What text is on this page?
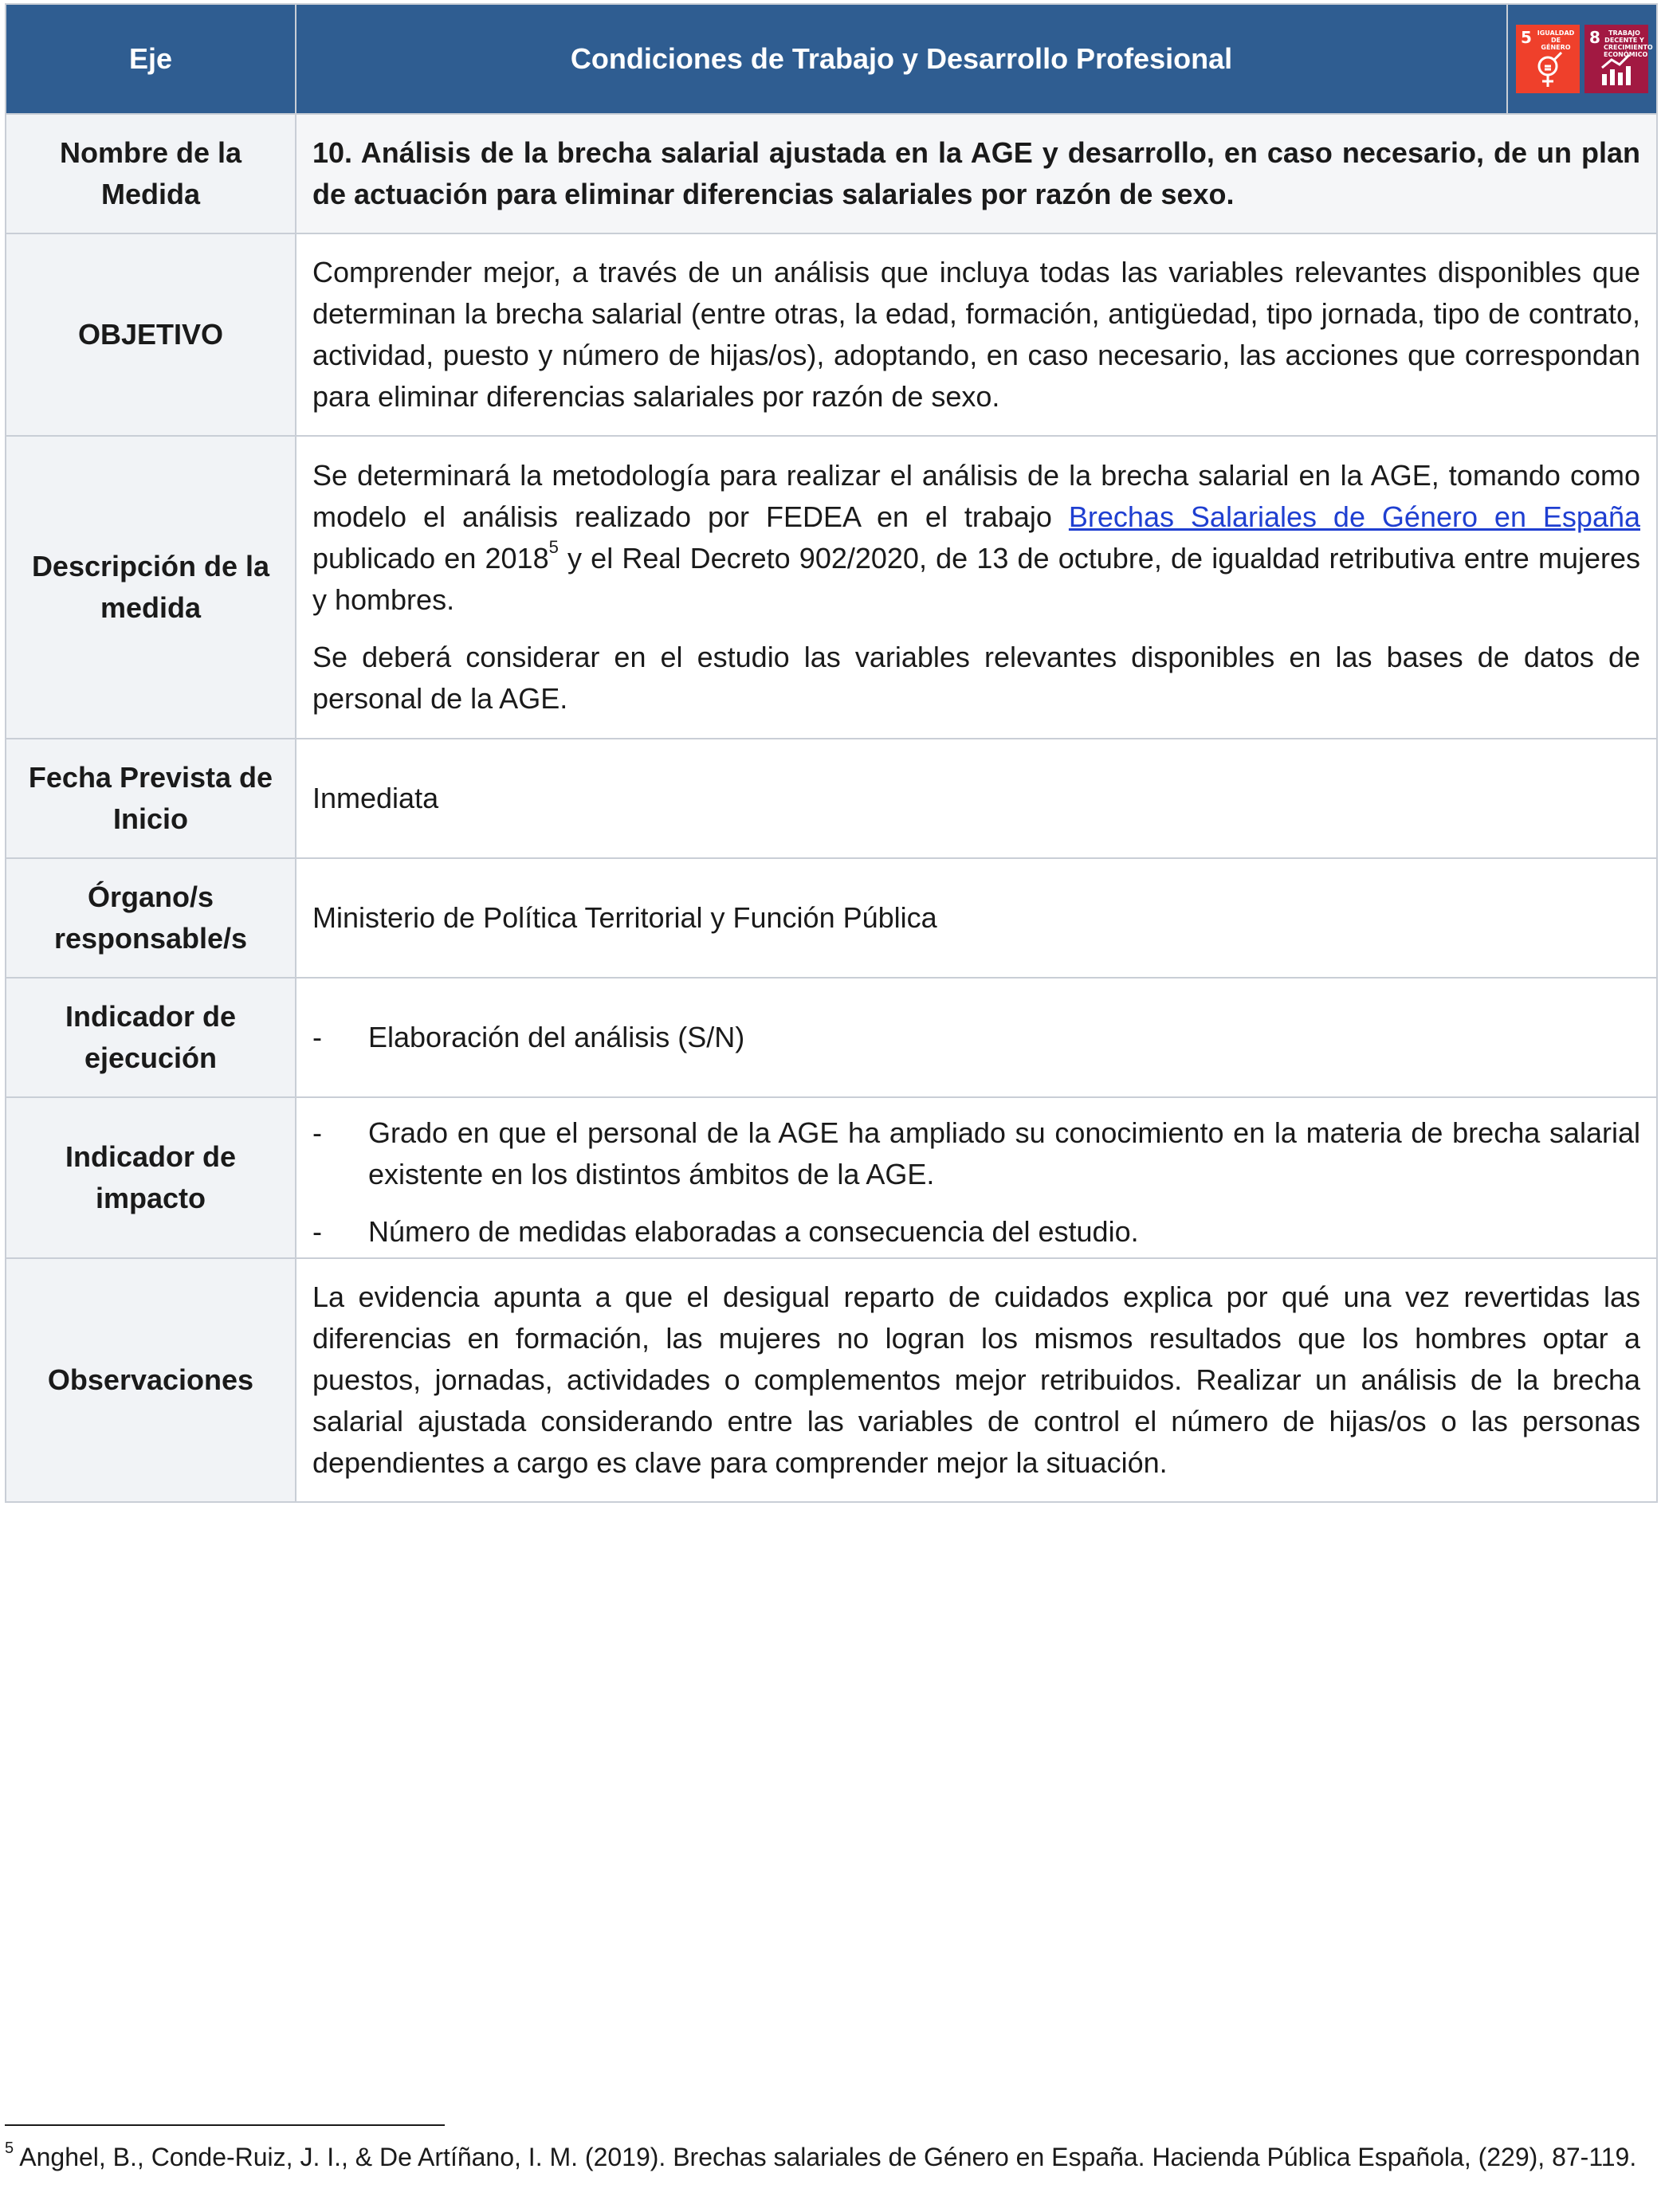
Eje	Condiciones de Trabajo y Desarrollo Profesional	5 IGUALDAD DE GÉNERO
8 TRABAJO DECENTE Y CRECIMIENTO ECONÓMICO

Nombre de la Medida	10. Análisis de la brecha salarial ajustada en la AGE y desarrollo, en caso necesario, de un plan de actuación para eliminar diferencias salariales por razón de sexo.	
OBJETIVO	Comprender mejor, a través de un análisis que incluya todas las variables relevantes disponibles que determinan la brecha salarial (entre otras, la edad, formación, antigüedad, tipo jornada, tipo de contrato, actividad, puesto y número de hijas/os), adoptando, en caso necesario, las acciones que correspondan para eliminar diferencias salariales por razón de sexo.	
Descripción de la medida	Se determinará la metodología para realizar el análisis de la brecha salarial en la AGE, tomando como modelo el análisis realizado por FEDEA en el trabajo Brechas Salariales de Género en España publicado en 2018$^5$ y el Real Decreto 902/2020, de 13 de octubre, de igualdad retributiva entre mujeres y hombres.

Se deberá considerar en el estudio las variables relevantes disponibles en las bases de datos de personal de la AGE.	

Fecha Prevista de Inicio	Inmediata	
Órgano/s responsable/s	Ministerio de Política Territorial y Función Pública	
Indicador de ejecución	- Elaboración del análisis (S/N)	

Indicador de impacto	- Grado en que el personal de la AGE ha ampliado su conocimiento en la materia de brecha salarial existente en los distintos ámbitos de la AGE.
- Número de medidas elaboradas a consecuencia del estudio.	

Observaciones	La evidencia apunta a que el desigual reparto de cuidados explica por qué una vez revertidas las diferencias en formación, las mujeres no logran los mismos resultados que los hombres optar a puestos, jornadas, actividades o complementos mejor retribuidos. Realizar un análisis de la brecha salarial ajustada considerando entre las variables de control el número de hijas/os o las personas dependientes a cargo es clave para comprender mejor la situación.	
$^5$ Anghel, B., Conde-Ruiz, J. I., & De Artíñano, I. M. (2019). Brechas salariales de Género en España. Hacienda Pública Española, (229), 87-119.
